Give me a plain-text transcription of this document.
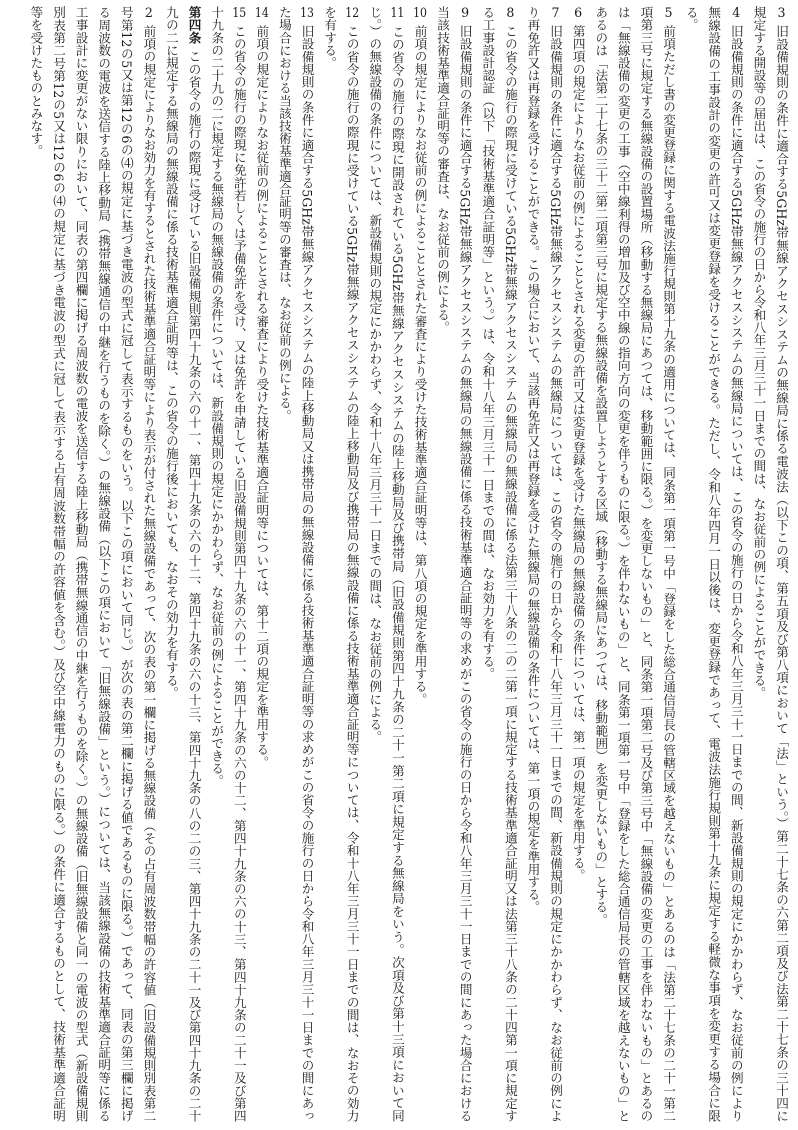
3旧設備規則の条件に適合する5GHz帯無線アクセスシステムの無線局に係る電波法（以下この項、第五項及び第八項において「法」という。）第二十七条の六第二項及び法第二十七条の三十四に規定する開設等の届出は、この省令の施行の日から令和八年三月三十一日までの間は、なお従前の例によることができる。

4旧設備規則の条件に適合する5GHz帯無線アクセスシステムの無線局については、この省令の施行の日から令和八年三月三十一日までの間、新設備規則の規定にかかわらず、なお従前の例により無線設備の工事設計の変更の許可又は変更登録を受けることができる。ただし、令和八年四月一日以後は、変更登録であって、電波法施行規則第十九条に規定する軽微な事項を変更する場合に限る。

5前項ただし書の変更登録に関する電波法施行規則第十九条の適用については、同条第一項第一号中「登録をした総合通信局長の管轄区域を越えないもの」とあるのは「法第二十七条の二十一第二項第三号に規定する無線設備の設置場所（移動する無線局にあつては、移動範囲に限る。）を変更しないもの」と、同条第一項第二号及び第三号中「無線設備の変更の工事を伴わないもの」とあるのは「無線設備の変更の工事（空中線利得の増加及び空中線の指向方向の変更を伴うものに限る。）を伴わないもの」と、同条第一項第一号中「登録をした総合通信局長の管轄区域を越えないもの」とあるのは「法第二十七条の三十二第二項第三号に規定する無線設備を設置しようとする区域（移動する無線局にあつては、移動範囲）を変更しないもの」とする。

6第四項の規定によりなお従前の例によることとされる変更の許可又は変更登録を受けた無線局の無線設備の条件については、第一項の規定を準用する。

7旧設備規則の条件に適合する5GHz帯無線アクセスシステムの無線局については、この省令の施行の日から令和十八年三月三十一日までの間、新設備規則の規定にかかわらず、なお従前の例により再免許又は再登録を受けることができる。この場合において、当該再免許又は再登録を受けた無線局の無線設備の条件については、第一項の規定を準用する。

8この省令の施行の際現に受けている5GHz帯無線アクセスシステムの無線局の無線設備に係る法第三十八条の二の二第一項に規定する技術基準適合証明又は法第三十八条の二十四第一項に規定する工事設計認証（以下「技術基準適合証明等」という。）は、令和十八年三月三十一日までの間は、なお効力を有する。

9旧設備規則の条件に適合する5GHz帯無線アクセスシステムの無線局の無線設備に係る技術基準適合証明等の求めがこの省令の施行の日から令和八年三月三十一日までの間にあった場合における当該技術基準適合証明等の審査は、なお従前の例による。

10前項の規定によりなお従前の例によることとされた審査により受けた技術基準適合証明等は、第八項の規定を準用する。

11この省令の施行の際現に開設されている5GHz帯無線アクセスシステムの陸上移動局及び携帯局（旧設備規則第四十九条の二十一第二項に規定する無線局をいう。次項及び第十三項において同じ。）の無線設備の条件については、新設備規則の規定にかかわらず、令和十八年三月三十一日までの間は、なお従前の例による。

12この省令の施行の際現に受けている5GHz帯無線アクセスシステムの陸上移動局及び携帯局の無線設備に係る技術基準適合証明等については、令和十八年三月三十一日までの間は、なおその効力を有する。

13旧設備規則の条件に適合する5GHz帯無線アクセスシステムの陸上移動局又は携帯局の無線設備に係る技術基準適合証明等の求めがこの省令の施行の日から令和八年三月三十一日までの間にあった場合における当該技術基準適合証明等の審査は、なお従前の例による。

14前項の規定によりなお従前の例によることとされる審査により受けた技術基準適合証明等については、第十二項の規定を準用する。

15この省令の施行の際現に免許若しくは予備免許を受け、又は免許を申請している旧設備規則第四十九条の六の十一、第四十九条の六の十二、第四十九条の六の十三、第四十九条の二十一及び第四十九条の二十九の二に規定する無線局の無線設備の条件については、新設備規則の規定にかかわらず、なお従前の例によることができる。

第四条この省令の施行の際現に受けている旧設備規則第四十九条の六の十一、第四十九条の六の十二、第四十九条の六の十三、第四十九条の八の二の三、第四十九条の二十一及び第四十九条の二十九の二に規定する無線局の無線設備に係る技術基準適合証明等は、この省令の施行後においても、なおその効力を有する。

2前項の規定によりなお効力を有するとされた技術基準適合証明等により表示が付された無線設備であって、次の表の第一欄に掲げる無線設備（その占有周波数帯幅の許容値（旧設備規則別表第二号第12の5又は第12の6の⑷の規定に基づき電波の型式に冠して表示するものをいう。以下この項において同じ。）が次の表の第二欄に掲げる値であるものに限る。）であって、同表の第三欄に掲げる周波数の電波を送信する陸上移動局（携帯無線通信の中継を行うものを除く。）の無線設備（以下この項において「旧無線設備」という。）については、当該無線設備の技術基準適合証明等に係る工事設計に変更がない限りにおいて、同表の第四欄に掲げる周波数の電波を送信する陸上移動局（携帯無線通信の中継を行うものを除く。）の無線設備（旧無線設備と同一の電波の型式（新設備規則別表第二号第12の5又は12の6の⑷の規定に基づき電波の型式に冠して表示する占有周波数帯幅の許容値を含む。）及び空中線電力のものに限る。）の条件に適合するものとして、技術基準適合証明等を受けたものとみなす。
